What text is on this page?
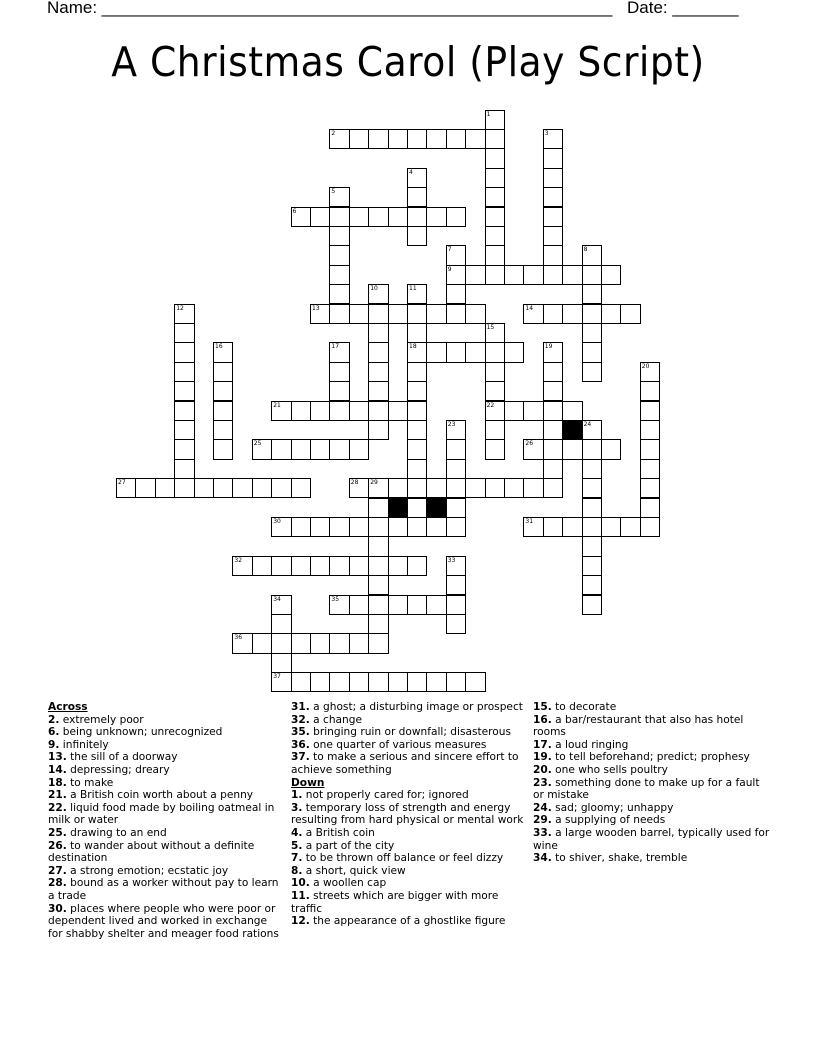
Name: ______________________________________________________ Date: _______
A Christmas Carol (Play Script)
1
2	3
4
5
6
7
9
8
10	11
18
12	13	14
15
22
16	17	19
20
21
23	24
25	26
27	28 29
30	31
32	33
34
37
35
36
Across
2. extremely poor
6. being unknown; unrecognized
9. infinitely
13. the sill of a doorway
14. depressing; dreary
18. to make
21. a British coin worth about a penny
22. liquid food made by boiling oatmeal in milk or water
25. drawing to an end
26. to wander about without a definite destination
27. a strong emotion; ecstatic joy
28. bound as a worker without pay to learn a trade
30. places where people who were poor or dependent lived and worked in exchange for shabby shelter and meager food rations
31. a ghost; a disturbing image or prospect
32. a change
35. bringing ruin or downfall; disasterous
36. one quarter of various measures
37. to make a serious and sincere effort to achieve something
Down
1. not properly cared for; ignored
3. temporary loss of strength and energy resulting from hard physical or mental work
4. a British coin
5. a part of the city
7. to be thrown off balance or feel dizzy
8. a short, quick view
10. a woollen cap
11. streets which are bigger with more traffic
12. the appearance of a ghostlike figure
15. to decorate
16. a bar/restaurant that also has hotel rooms
17. a loud ringing
19. to tell beforehand; predict; prophesy
20. one who sells poultry
23. something done to make up for a fault or mistake
24. sad; gloomy; unhappy
29. a supplying of needs
33. a large wooden barrel, typically used for wine
34. to shiver, shake, tremble
